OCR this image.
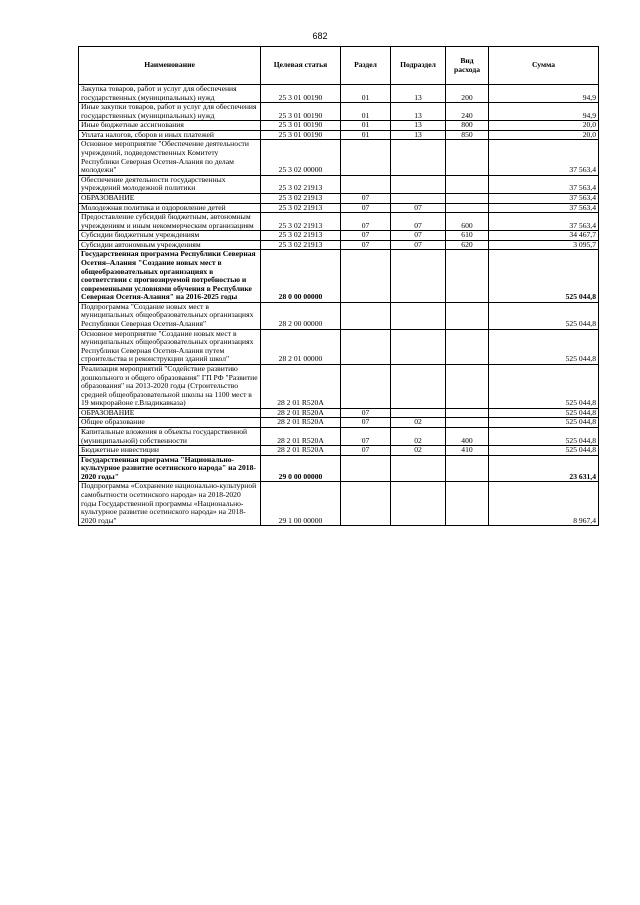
682
Наименование	Целевая статья	Раздел	Подраздел	Вид расхода	Сумма
Закупка товаров, работ и услуг для обеспечения государственных (муниципальных) нужд	25 3 01 00190	01	13	200	94,9
Иные закупки товаров, работ и услуг для обеспечения государственных (муниципальных) нужд	25 3 01 00190	01	13	240	94,9
Иные бюджетные ассигнования	25 3 01 00190	01	13	800	20,0
Уплата налогов, сборов и иных платежей	25 3 01 00190	01	13	850	20,0
Основное мероприятие "Обеспечение деятельности учреждений, подведомственных Комитету Республики Северная Осетия-Алания по делам молодежи"	25 3 02 00000				37 563,4
Обеспечение деятельности государственных учреждений молодежной политики	25 3 02 21913				37 563,4
ОБРАЗОВАНИЕ	25 3 02 21913	07			37 563,4
Молодежная политика и оздоровление детей	25 3 02 21913	07	07		37 563,4
Предоставление субсидий бюджетным, автономным учреждениям и иным некоммерческим организациям	25 3 02 21913	07	07	600	37 563,4
Субсидии бюджетным учреждениям	25 3 02 21913	07	07	610	34 467,7
Субсидии автономным учреждениям	25 3 02 21913	07	07	620	3 095,7
Государственная программа Республики Северная Осетия–Алания "Создание новых мест в общеобразовательных организациях в соответствии с прогнозируемой потребностью и современными условиями обучения в Республике Северная Осетия-Алания" на 2016-2025 годы	28 0 00 00000				525 044,8
Подпрограмма "Создание новых мест в муниципальных общеобразовательных организациях Республики Северная Осетия-Алания"	28 2 00 00000				525 044,8
Основное мероприятие "Создание новых мест в муниципальных общеобразовательных организациях Республики Северная Осетия-Алания путем строительства и реконструкции зданий школ"	28 2 01 00000				525 044,8
Реализация мероприятий "Содействие развитию дошкольного и общего образования" ГП РФ "Развитие образования" на 2013-2020 годы (Строительство средней общеобразовательной школы на 1100 мест в 19 микрорайоне г.Владикавказа)	28 2 01 R520A				525 044,8
ОБРАЗОВАНИЕ	28 2 01 R520A	07			525 044,8
Общее образование	28 2 01 R520A	07	02		525 044,8
Капитальные вложения в объекты государственной (муниципальной) собственности	28 2 01 R520A	07	02	400	525 044,8
Бюджетные инвестиции	28 2 01 R520A	07	02	410	525 044,8
Государственная программа "Национально-культурное развитие осетинского народа" на 2018-2020 годы"	29 0 00 00000				23 631,4
Подпрограмма «Сохранение национально-культурной самобытности осетинского народа» на 2018-2020 годы Государственной программы «Национально-культурное развитие осетинского народа» на 2018-2020 годы"	29 1 00 00000				8 967,4
